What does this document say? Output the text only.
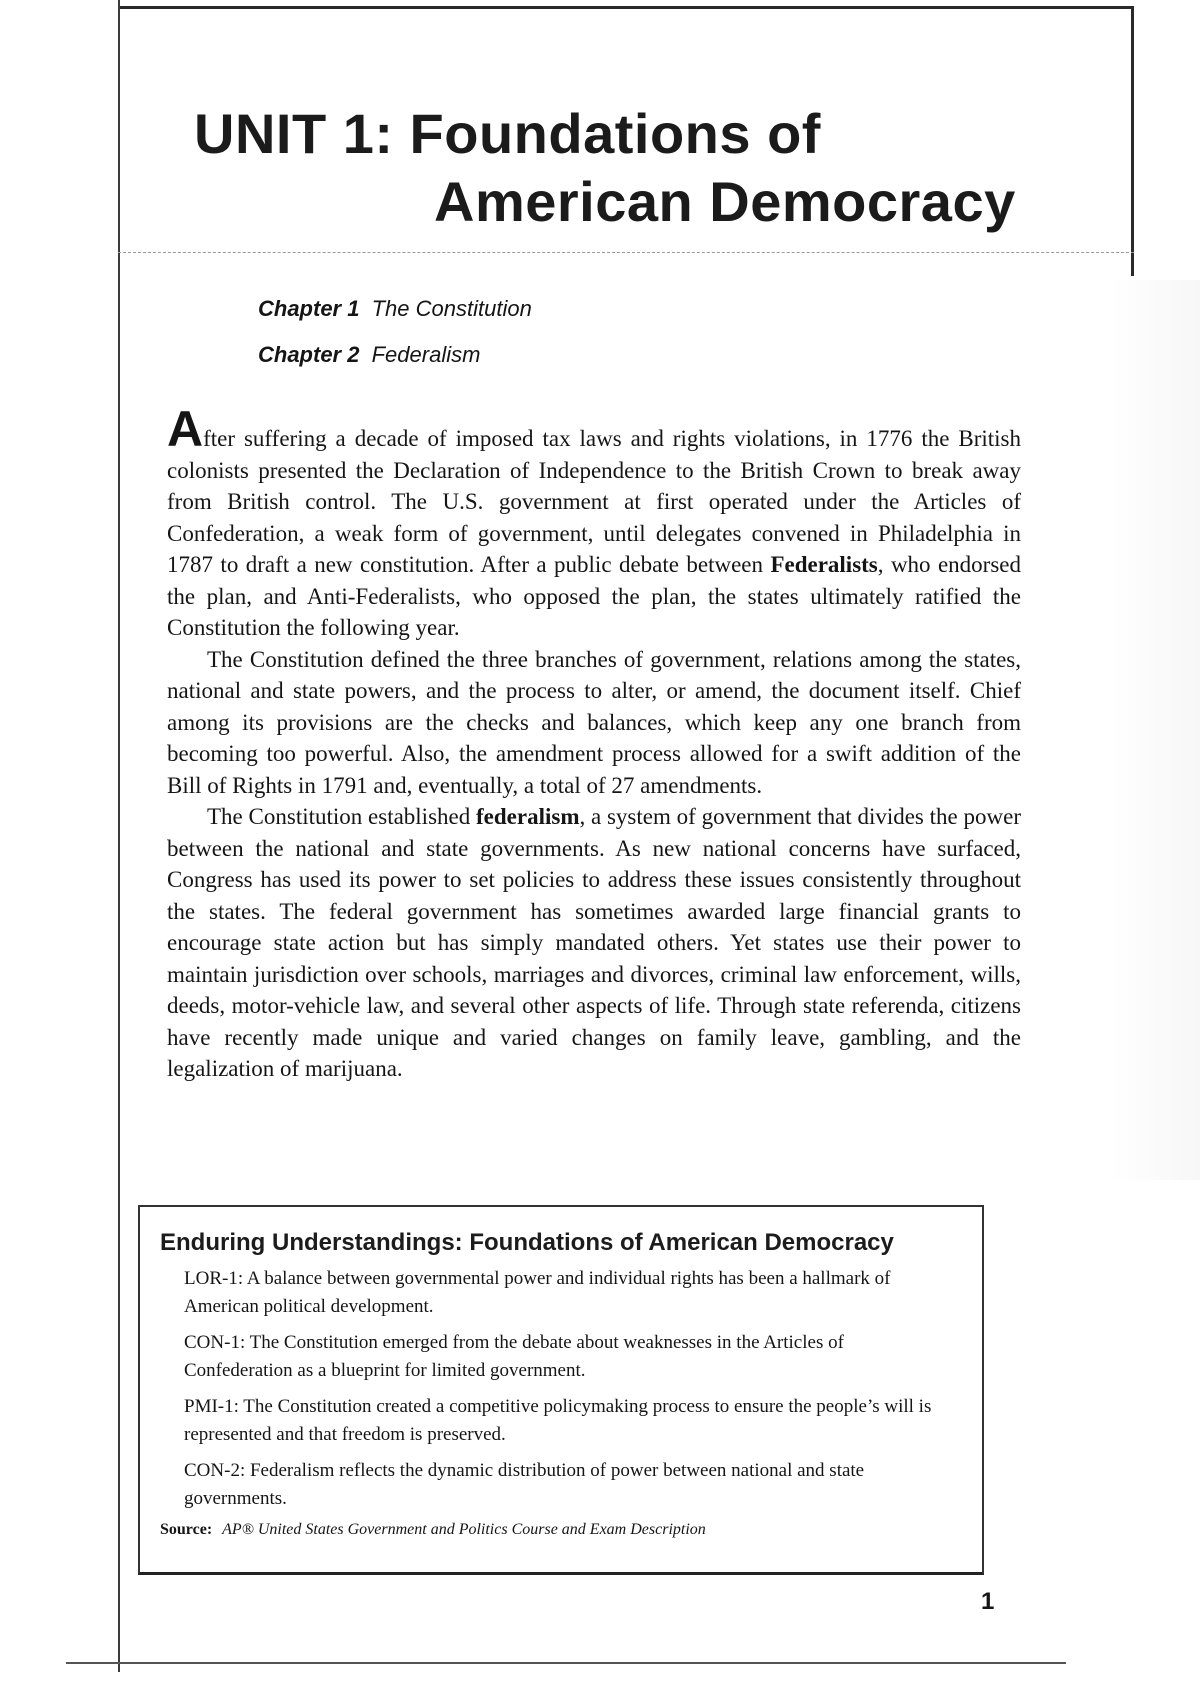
UNIT 1: Foundations of
American Democracy
Chapter 1 The Constitution
Chapter 2 Federalism

After suffering a decade of imposed tax laws and rights violations, in 1776 the British colonists presented the Declaration of Independence to the British Crown to break away from British control. The U.S. government at first operated under the Articles of Confederation, a weak form of government, until delegates convened in Philadelphia in 1787 to draft a new constitution. After a public debate between Federalists, who endorsed the plan, and Anti-Federalists, who opposed the plan, the states ultimately ratified the Constitution the following year.

The Constitution defined the three branches of government, relations among the states, national and state powers, and the process to alter, or amend, the document itself. Chief among its provisions are the checks and balances, which keep any one branch from becoming too powerful. Also, the amendment process allowed for a swift addition of the Bill of Rights in 1791 and, eventually, a total of 27 amendments.

The Constitution established federalism, a system of government that divides the power between the national and state governments. As new national concerns have surfaced, Congress has used its power to set policies to address these issues consistently throughout the states. The federal government has sometimes awarded large financial grants to encourage state action but has simply mandated others. Yet states use their power to maintain jurisdiction over schools, marriages and divorces, criminal law enforcement, wills, deeds, motor-vehicle law, and several other aspects of life. Through state referenda, citizens have recently made unique and varied changes on family leave, gambling, and the legalization of marijuana.

Enduring Understandings: Foundations of American Democracy

LOR-1: A balance between governmental power and individual rights has been a hallmark of American political development.

CON-1: The Constitution emerged from the debate about weaknesses in the Articles of Confederation as a blueprint for limited government.

PMI-1: The Constitution created a competitive policymaking process to ensure the people’s will is represented and that freedom is preserved.

CON-2: Federalism reflects the dynamic distribution of power between national and state governments.

Source: AP® United States Government and Politics Course and Exam Description
1
